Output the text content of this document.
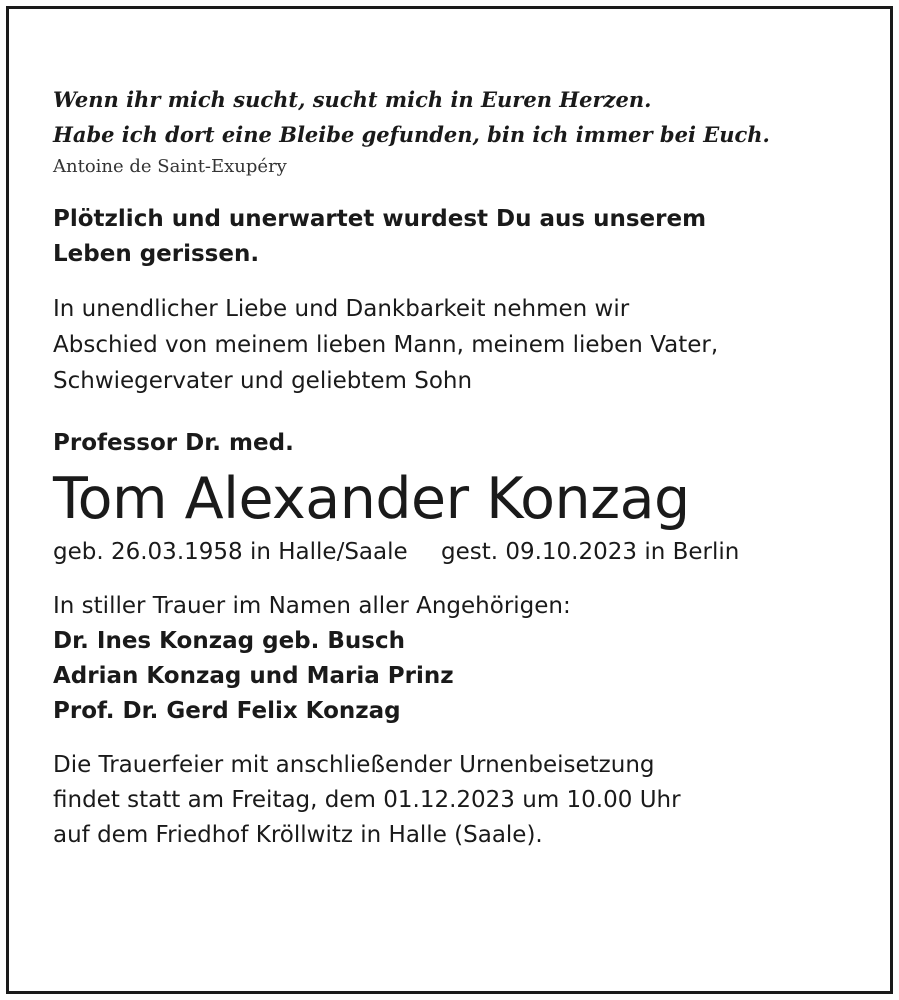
Wenn ihr mich sucht, sucht mich in Euren Herzen.
Habe ich dort eine Bleibe gefunden, bin ich immer bei Euch.
Antoine de Saint-Exupéry
Plötzlich und unerwartet wurdest Du aus unserem
Leben gerissen.
In unendlicher Liebe und Dankbarkeit nehmen wir
Abschied von meinem lieben Mann, meinem lieben Vater,
Schwiegervater und geliebtem Sohn
Professor Dr. med.
Tom Alexander Konzag
geb. 26.03.1958 in Halle/Saale gest. 09.10.2023 in Berlin
In stiller Trauer im Namen aller Angehörigen:
Dr. Ines Konzag geb. Busch
Adrian Konzag und Maria Prinz
Prof. Dr. Gerd Felix Konzag
Die Trauerfeier mit anschließender Urnenbeisetzung
findet statt am Freitag, dem 01.12.2023 um 10.00 Uhr
auf dem Friedhof Kröllwitz in Halle (Saale).
